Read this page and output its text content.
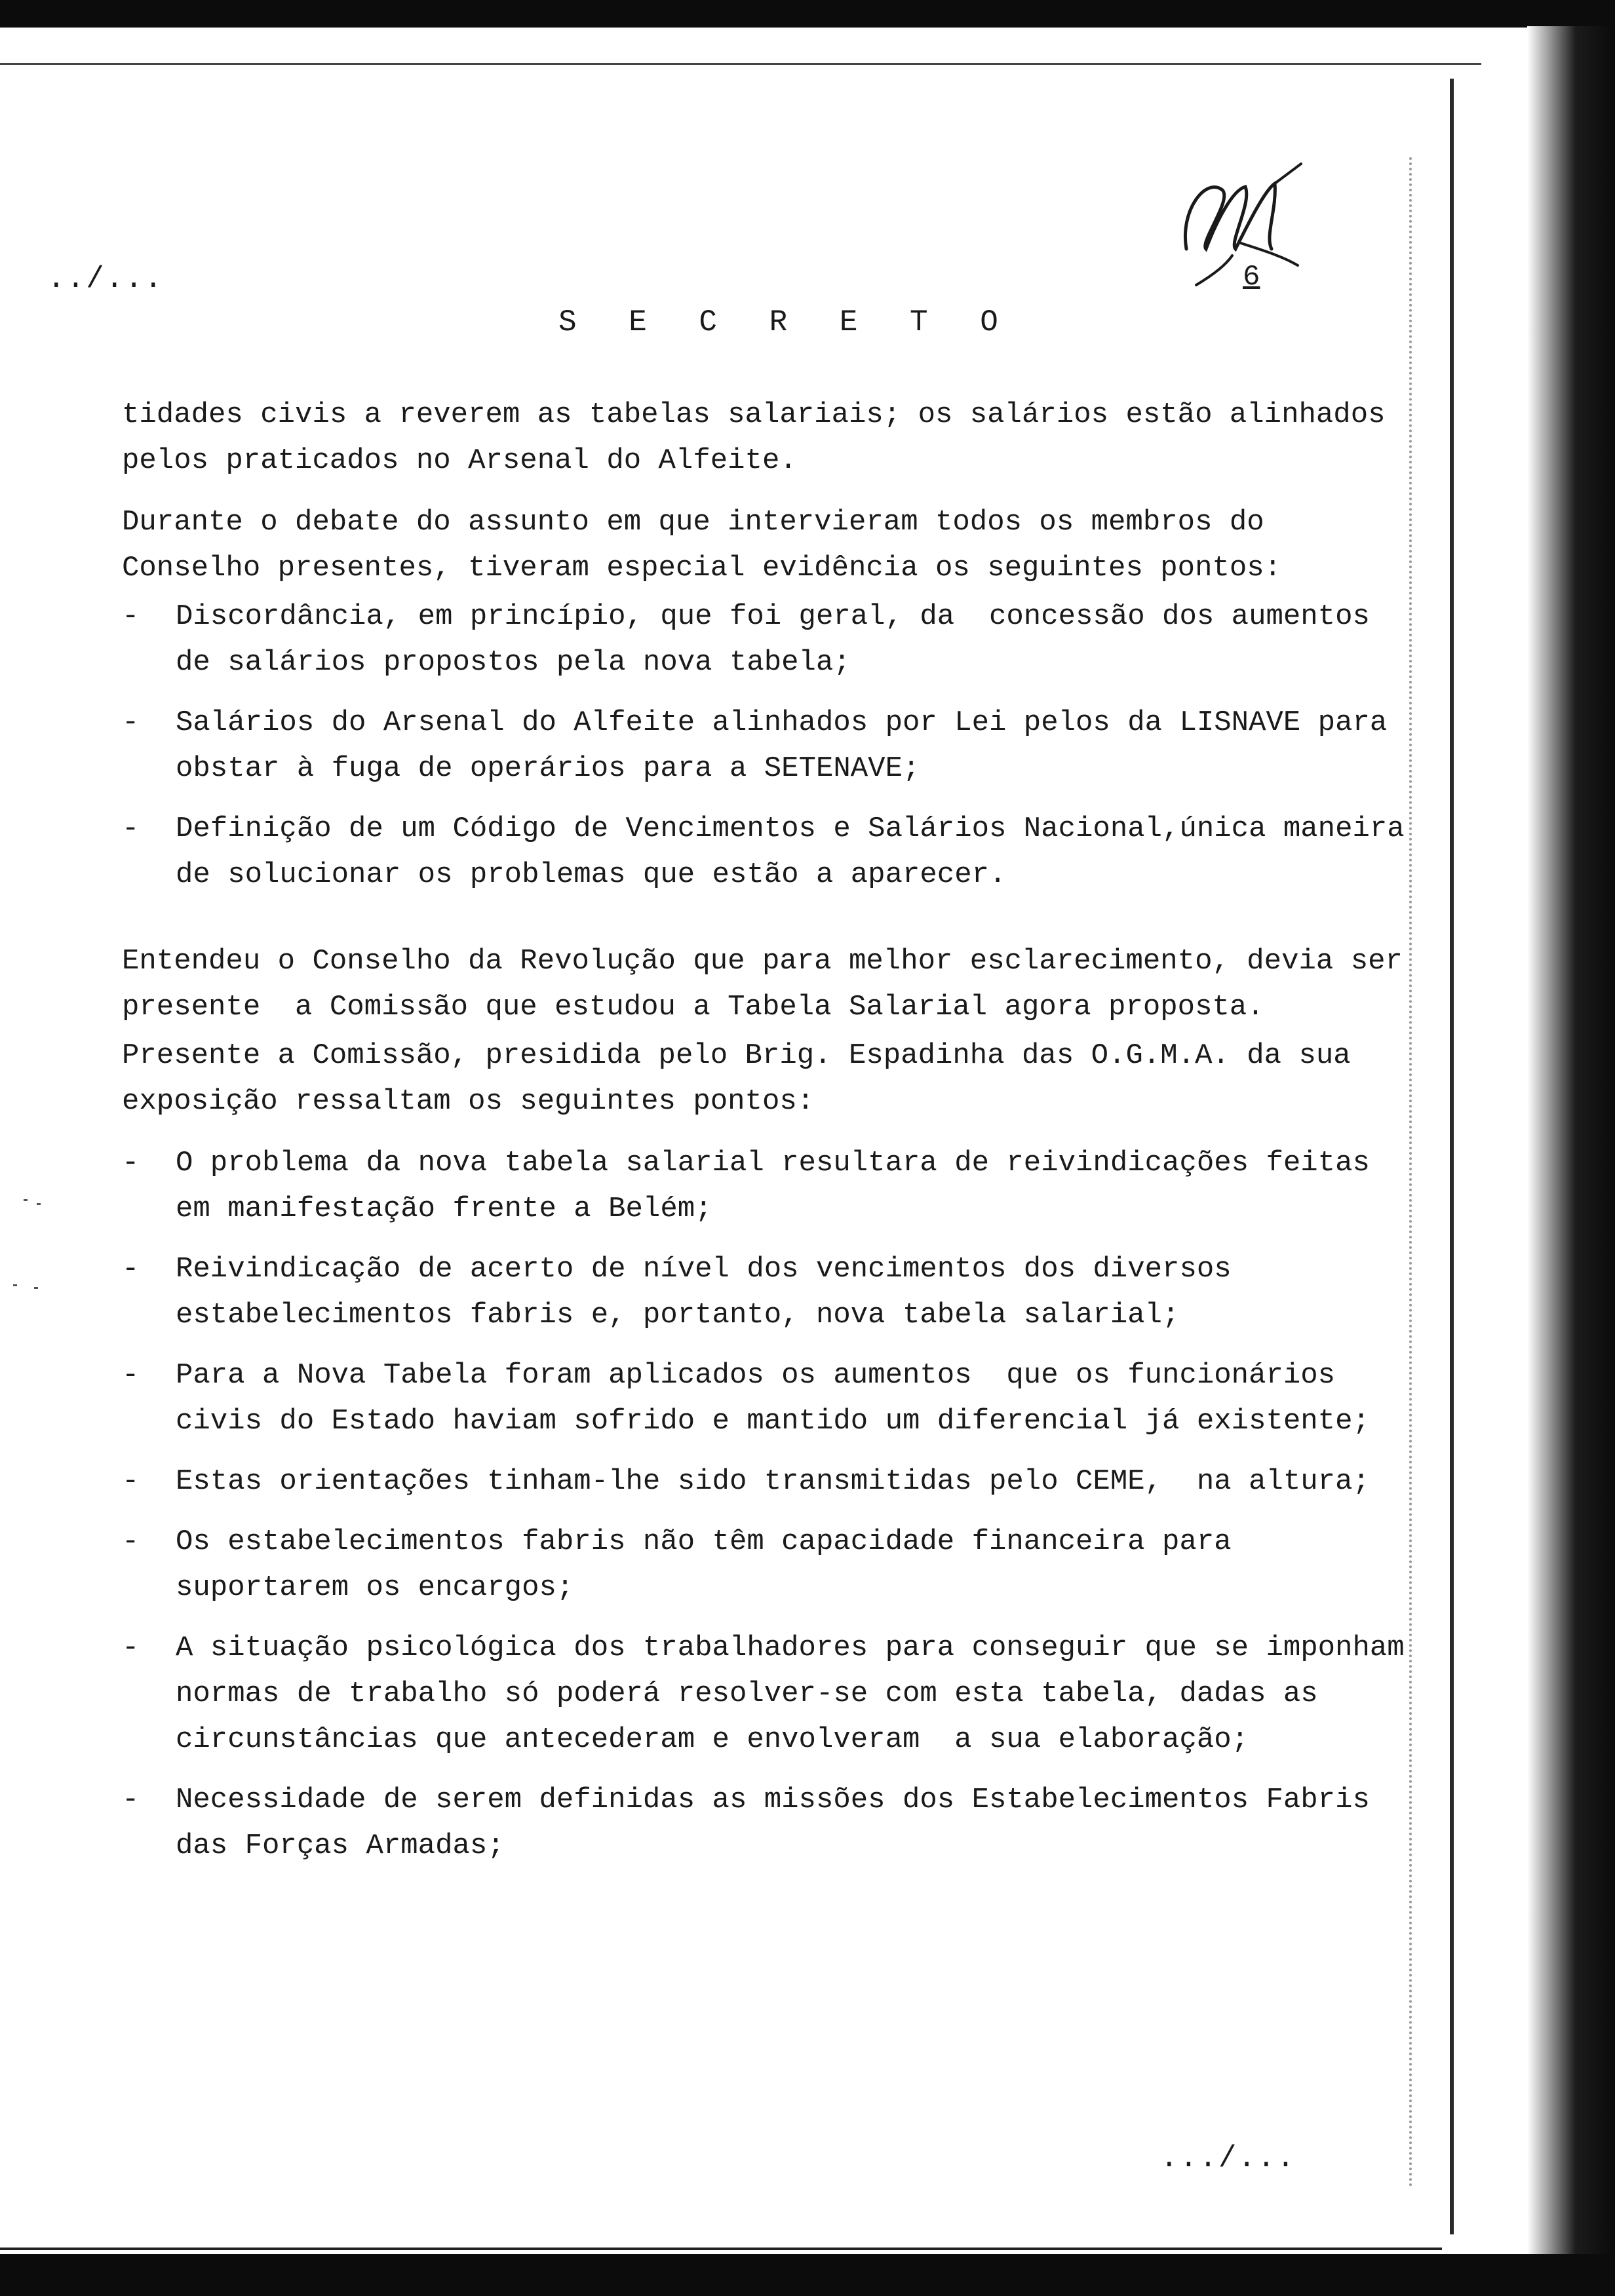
../...	6
S E C R E T O

tidades civis a reverem as tabelas salariais; os salários estão alinhados pelos praticados no Arsenal do Alfeite.

Durante o debate do assunto em que intervieram todos os membros do Conselho presentes, tiveram especial evidência os seguintes pontos:

-	Discordância, em princípio, que foi geral, da  concessão dos aumentos de salários propostos pela nova tabela;
-	Salários do Arsenal do Alfeite alinhados por Lei pelos da LISNAVE para obstar à fuga de operários para a SETENAVE;
-	Definição de um Código de Vencimentos e Salários Nacional,única maneira de solucionar os problemas que estão a aparecer.

Entendeu o Conselho da Revolução que para melhor esclarecimento, devia ser presente  a Comissão que estudou a Tabela Salarial agora proposta.

Presente a Comissão, presidida pelo Brig. Espadinha das O.G.M.A. da sua exposição ressaltam os seguintes pontos:

-	O problema da nova tabela salarial resultara de reivindicações feitas em manifestação frente a Belém;
-	Reivindicação de acerto de nível dos vencimentos dos diversos estabelecimentos fabris e, portanto, nova tabela salarial;
-	Para a Nova Tabela foram aplicados os aumentos  que os funcionários civis do Estado haviam sofrido e mantido um diferencial já existente;
-	Estas orientações tinham-lhe sido transmitidas pelo CEME,  na altura;
-	Os estabelecimentos fabris não têm capacidade financeira para suportarem os encargos;
-	A situação psicológica dos trabalhadores para conseguir que se imponham normas de trabalho só poderá resolver-se com esta tabela, dadas as circunstâncias que antecederam e envolveram  a sua elaboração;
-	Necessidade de serem definidas as missões dos Estabelecimentos Fabris das Forças Armadas;
.../...
